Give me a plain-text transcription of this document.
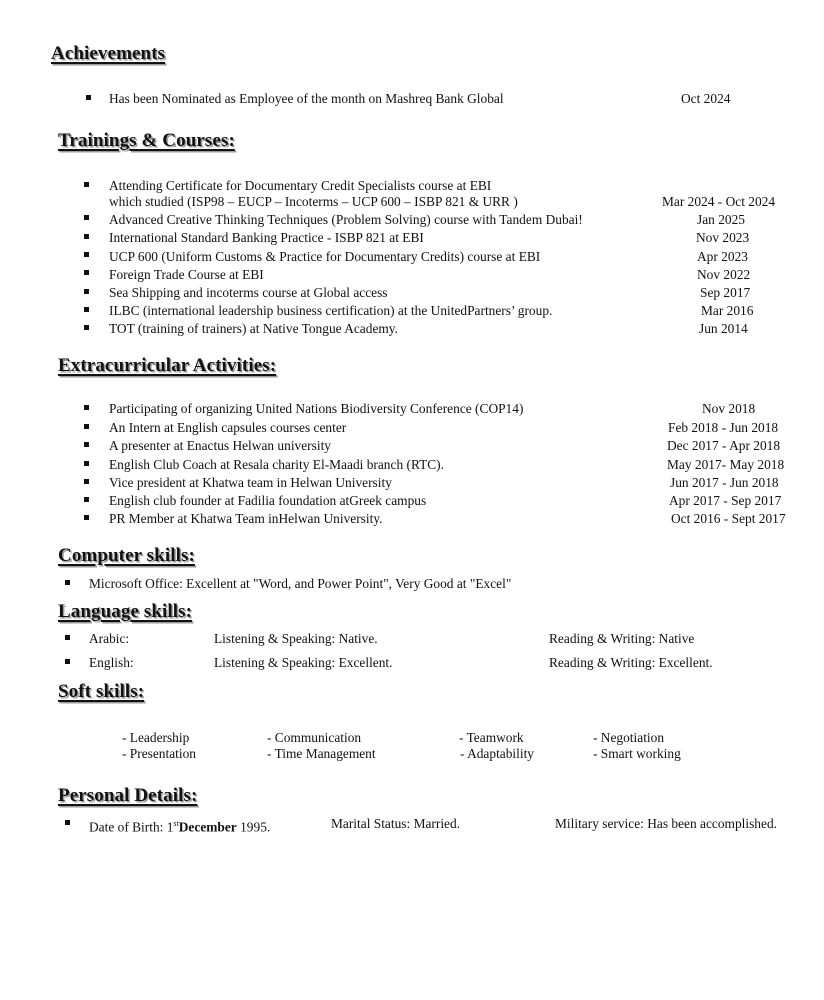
Achievements
Has been Nominated as Employee of the month on Mashreq Bank Global	Oct 2024
Trainings & Courses:
Attending Certificate for Documentary Credit Specialists course at EBI
which studied (ISP98 – EUCP – Incoterms – UCP 600 – ISBP 821 & URR )	Mar 2024 - Oct 2024
Advanced Creative Thinking Techniques (Problem Solving) course with Tandem Dubai!	Jan 2025
International Standard Banking Practice - ISBP 821 at EBI	Nov 2023
UCP 600 (Uniform Customs & Practice for Documentary Credits) course at EBI	Apr 2023
Foreign Trade Course at EBI	Nov 2022
Sea Shipping and incoterms course at Global access	Sep 2017
ILBC (international leadership business certification) at the UnitedPartners’ group.	Mar 2016
TOT (training of trainers) at Native Tongue Academy.	Jun 2014
Extracurricular Activities:
Participating of organizing United Nations Biodiversity Conference (COP14)	Nov 2018
An Intern at English capsules courses center	Feb 2018 - Jun 2018
A presenter at Enactus Helwan university	Dec 2017 - Apr 2018
English Club Coach at Resala charity El-Maadi branch (RTC).	May 2017- May 2018
Vice president at Khatwa team in Helwan University	Jun 2017 - Jun 2018
English club founder at Fadilia foundation atGreek campus	Apr 2017 - Sep 2017
PR Member at Khatwa Team inHelwan University.	Oct 2016 - Sept 2017
Computer skills:
Microsoft Office: Excellent at "Word, and Power Point", Very Good at "Excel"
Language skills:
Arabic:	Listening & Speaking: Native.	Reading & Writing: Native
English:	Listening & Speaking: Excellent.	Reading & Writing: Excellent.
Soft skills:
- Leadership	- Communication	- Teamwork	- Negotiation
- Presentation	- Time Management	- Adaptability	- Smart working
Personal Details:
Date of Birth: 1stDecember 1995.	Marital Status: Married.	Military service: Has been accomplished.
